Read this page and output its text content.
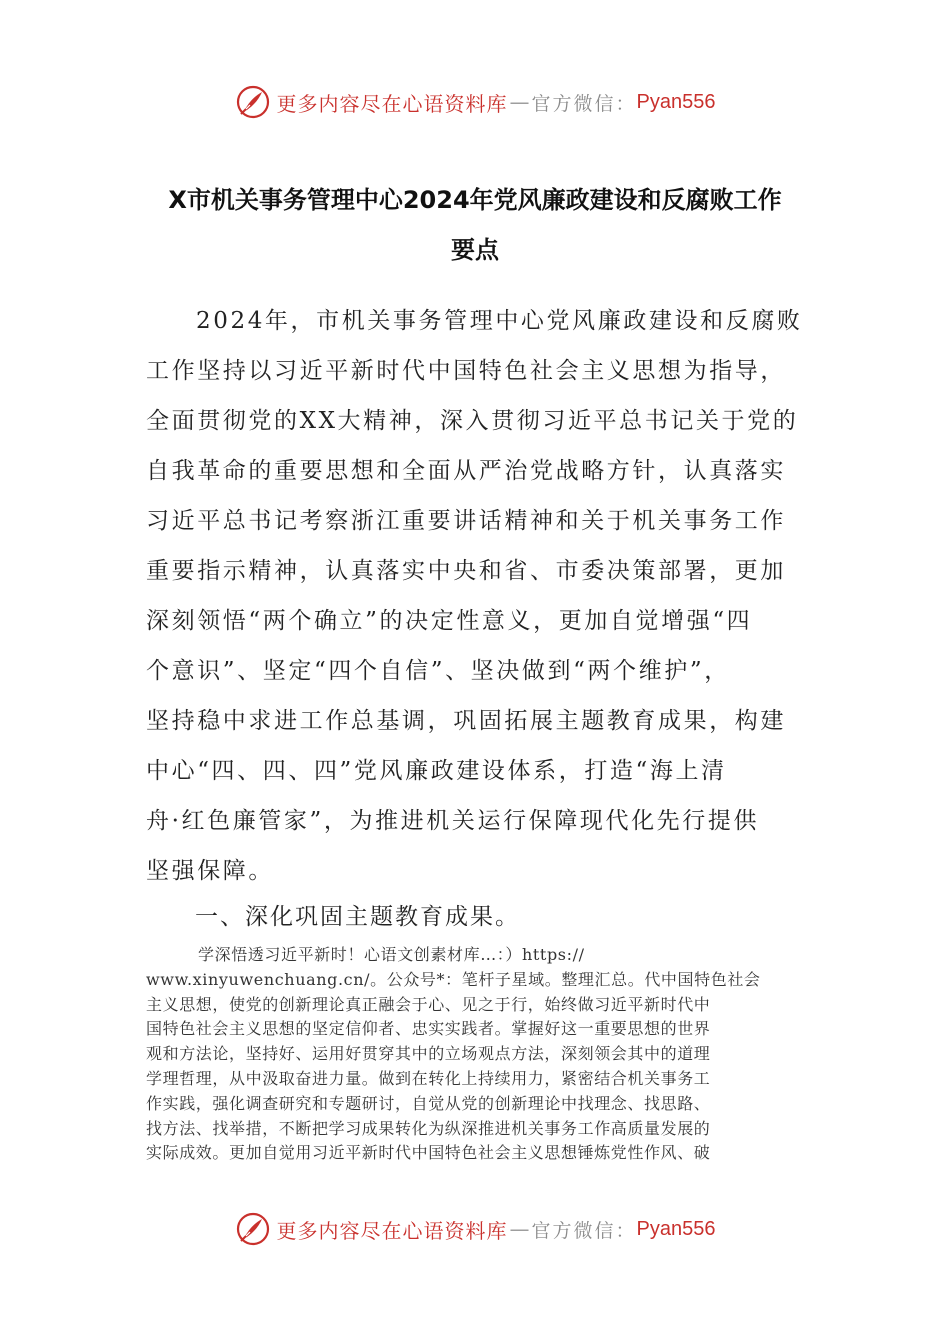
更多内容尽在心语资料库 — 官方微信： Pyan556
X市机关事务管理中心2024年党风廉政建设和反腐败工作
要点
2024年，市机关事务管理中心党风廉政建设和反腐败
工作坚持以习近平新时代中国特色社会主义思想为指导，
全面贯彻党的XX大精神，深入贯彻习近平总书记关于党的
自我革命的重要思想和全面从严治党战略方针，认真落实
习近平总书记考察浙江重要讲话精神和关于机关事务工作
重要指示精神，认真落实中央和省、市委决策部署，更加
深刻领悟“两个确立”的决定性意义，更加自觉增强“四
个意识”、坚定“四个自信”、坚决做到“两个维护”，
坚持稳中求进工作总基调，巩固拓展主题教育成果，构建
中心“四、四、四”党风廉政建设体系，打造“海上清
舟·红色廉管家”，为推进机关运行保障现代化先行提供
坚强保障。
一、深化巩固主题教育成果。
学深悟透习近平新时！心语文创素材库…：）https://
www.xinyuwenchuang.cn/。公众号*：笔杆子星域。整理汇总。代中国特色社会
主义思想，使党的创新理论真正融会于心、见之于行，始终做习近平新时代中
国特色社会主义思想的坚定信仰者、忠实实践者。掌握好这一重要思想的世界
观和方法论，坚持好、运用好贯穿其中的立场观点方法，深刻领会其中的道理
学理哲理，从中汲取奋进力量。做到在转化上持续用力，紧密结合机关事务工
作实践，强化调查研究和专题研讨，自觉从党的创新理论中找理念、找思路、
找方法、找举措，不断把学习成果转化为纵深推进机关事务工作高质量发展的
实际成效。更加自觉用习近平新时代中国特色社会主义思想锤炼党性作风、破
更多内容尽在心语资料库 — 官方微信： Pyan556
